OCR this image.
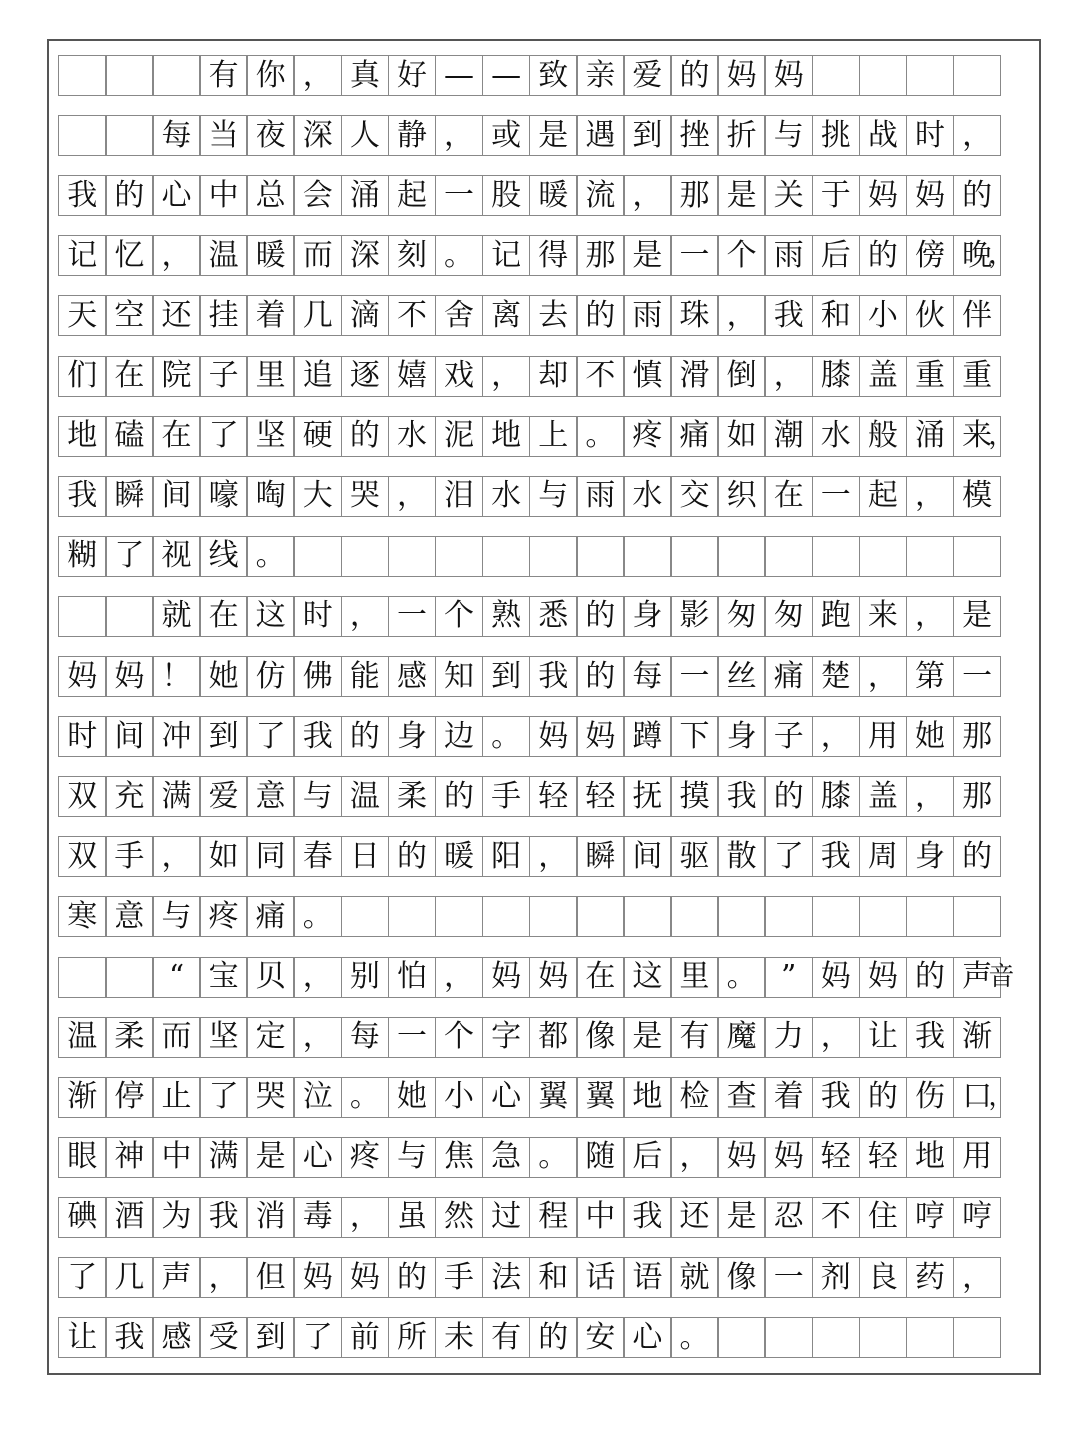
有 你 ， 真 好 — — 致 亲 爱 的 妈 妈
每 当 夜 深 人 静 ， 或 是 遇 到 挫 折 与 挑 战 时 ，
我 的 心 中 总 会 涌 起 一 股 暖 流 ， 那 是 关 于 妈 妈 的
记 忆 ， 温 暖 而 深 刻 。 记 得 那 是 一 个 雨 后 的 傍 晚 ，
天 空 还 挂 着 几 滴 不 舍 离 去 的 雨 珠 ， 我 和 小 伙 伴
们 在 院 子 里 追 逐 嬉 戏 ， 却 不 慎 滑 倒 ， 膝 盖 重 重
地 磕 在 了 坚 硬 的 水 泥 地 上 。 疼 痛 如 潮 水 般 涌 来 ，
我 瞬 间 嚎 啕 大 哭 ， 泪 水 与 雨 水 交 织 在 一 起 ， 模
糊 了 视 线 。
就 在 这 时 ， 一 个 熟 悉 的 身 影 匆 匆 跑 来 ， 是
妈 妈 ！ 她 仿 佛 能 感 知 到 我 的 每 一 丝 痛 楚 ， 第 一
时 间 冲 到 了 我 的 身 边 。 妈 妈 蹲 下 身 子 ， 用 她 那
双 充 满 爱 意 与 温 柔 的 手 轻 轻 抚 摸 我 的 膝 盖 ， 那
双 手 ， 如 同 春 日 的 暖 阳 ， 瞬 间 驱 散 了 我 周 身 的
寒 意 与 疼 痛 。
“ 宝 贝 ， 别 怕 ， 妈 妈 在 这 里 。 ” 妈 妈 的 声 音
温 柔 而 坚 定 ， 每 一 个 字 都 像 是 有 魔 力 ， 让 我 渐
渐 停 止 了 哭 泣 。 她 小 心 翼 翼 地 检 查 着 我 的 伤 口 ，
眼 神 中 满 是 心 疼 与 焦 急 。 随 后 ， 妈 妈 轻 轻 地 用
碘 酒 为 我 消 毒 ， 虽 然 过 程 中 我 还 是 忍 不 住 哼 哼
了 几 声 ， 但 妈 妈 的 手 法 和 话 语 就 像 一 剂 良 药 ，
让 我 感 受 到 了 前 所 未 有 的 安 心 。
